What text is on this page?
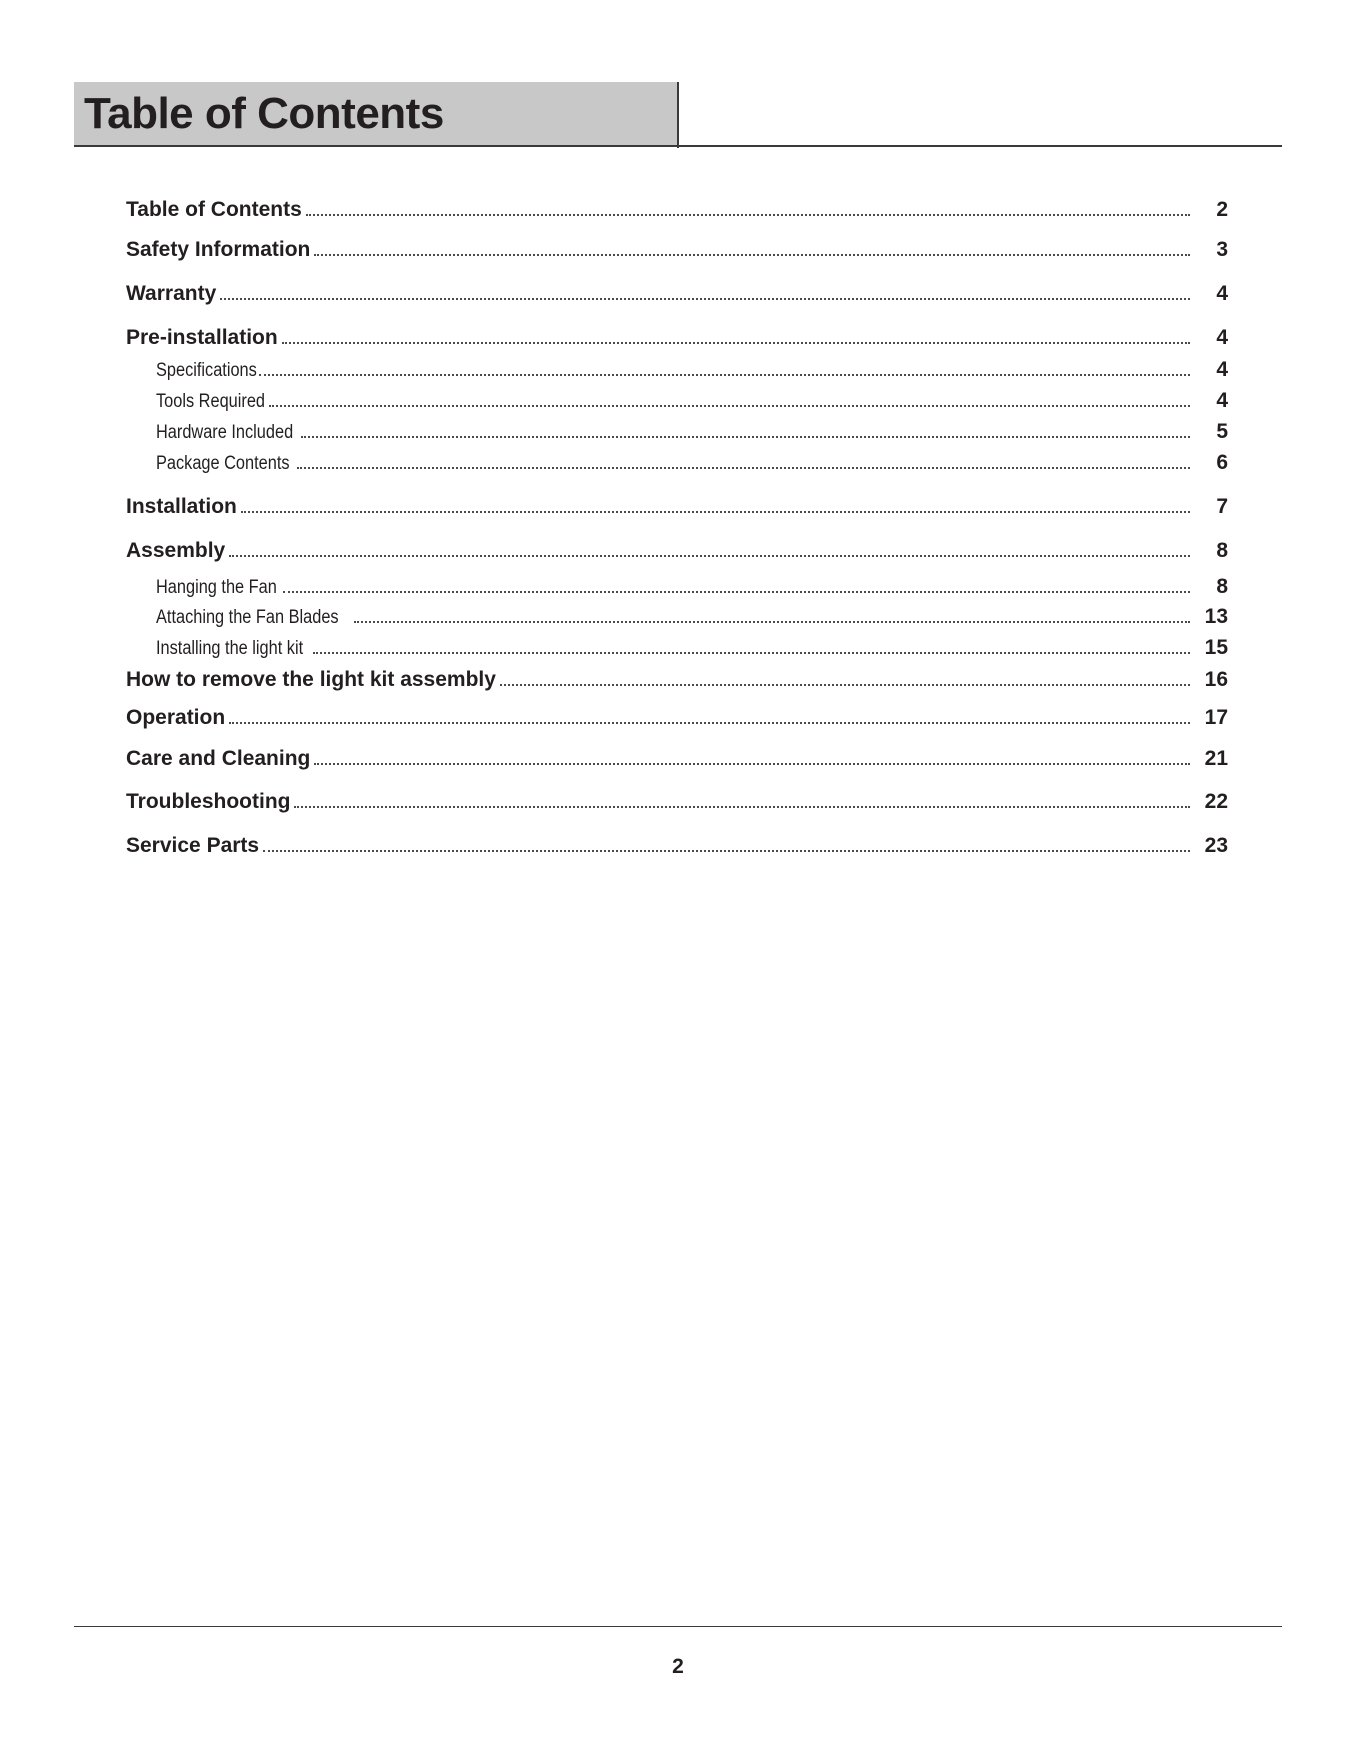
Table of Contents
Table of Contents	2
Safety Information	3
Warranty	4
Pre-installation	4
Specifications	4
Tools Required	4
Hardware Included	5
Package Contents	6
Installation	7
Assembly	8
Hanging the Fan	8
Attaching the Fan Blades	13
Installing the light kit	15
How to remove the light kit assembly	16
Operation	17
Care and Cleaning	21
Troubleshooting	22
Service Parts	23
2
